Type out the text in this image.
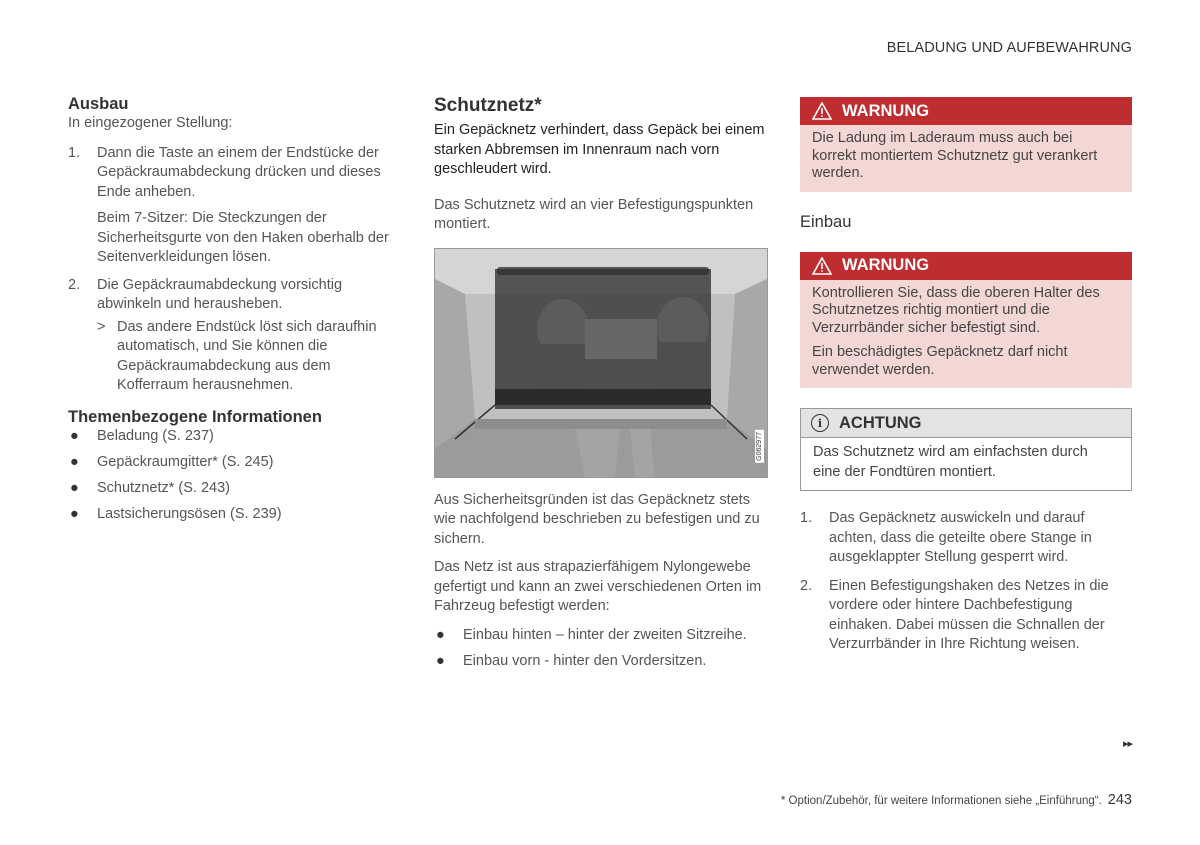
BELADUNG UND AUFBEWAHRUNG
Ausbau

In eingezogener Stellung:

1. Dann die Taste an einem der Endstücke der Gepäckraumabdeckung drücken und dieses Ende anheben.

Beim 7-Sitzer: Die Steckzungen der Sicherheitsgurte von den Haken oberhalb der Seitenverkleidungen lösen.

2. Die Gepäckraumabdeckung vorsichtig abwinkeln und herausheben.
> Das andere Endstück löst sich daraufhin automatisch, und Sie können die Gepäckraumabdeckung aus dem Kofferraum herausnehmen.
Themenbezogene Informationen
● Beladung (S. 237)
● Gepäckraumgitter* (S. 245)
● Schutznetz* (S. 243)
● Lastsicherungsösen (S. 239)
Schutznetz*

Ein Gepäcknetz verhindert, dass Gepäck bei einem starken Abbremsen im Innenraum nach vorn geschleudert wird.

Das Schutznetz wird an vier Befestigungspunkten montiert.

G062977

Aus Sicherheitsgründen ist das Gepäcknetz stets wie nachfolgend beschrieben zu befestigen und zu sichern.

Das Netz ist aus strapazierfähigem Nylongewebe gefertigt und kann an zwei verschiedenen Orten im Fahrzeug befestigt werden:

● Einbau hinten – hinter der zweiten Sitzreihe.
● Einbau vorn - hinter den Vordersitzen.
WARNUNG

Die Ladung im Laderaum muss auch bei korrekt montiertem Schutznetz gut verankert werden.

Einbau
WARNUNG

Kontrollieren Sie, dass die oberen Halter des Schutznetzes richtig montiert und die Verzurrbänder sicher befestigt sind.

Ein beschädigtes Gepäcknetz darf nicht verwendet werden.

i	ACHTUNG

Das Schutznetz wird am einfachsten durch eine der Fondtüren montiert.

1. Das Gepäcknetz auswickeln und darauf achten, dass die geteilte obere Stange in ausgeklappter Stellung gesperrt wird.
2. Einen Befestigungshaken des Netzes in die vordere oder hintere Dachbefestigung einhaken. Dabei müssen die Schnallen der Verzurrbänder in Ihre Richtung weisen.
▸▸
* Option/Zubehör, für weitere Informationen siehe „Einführung“. 243
